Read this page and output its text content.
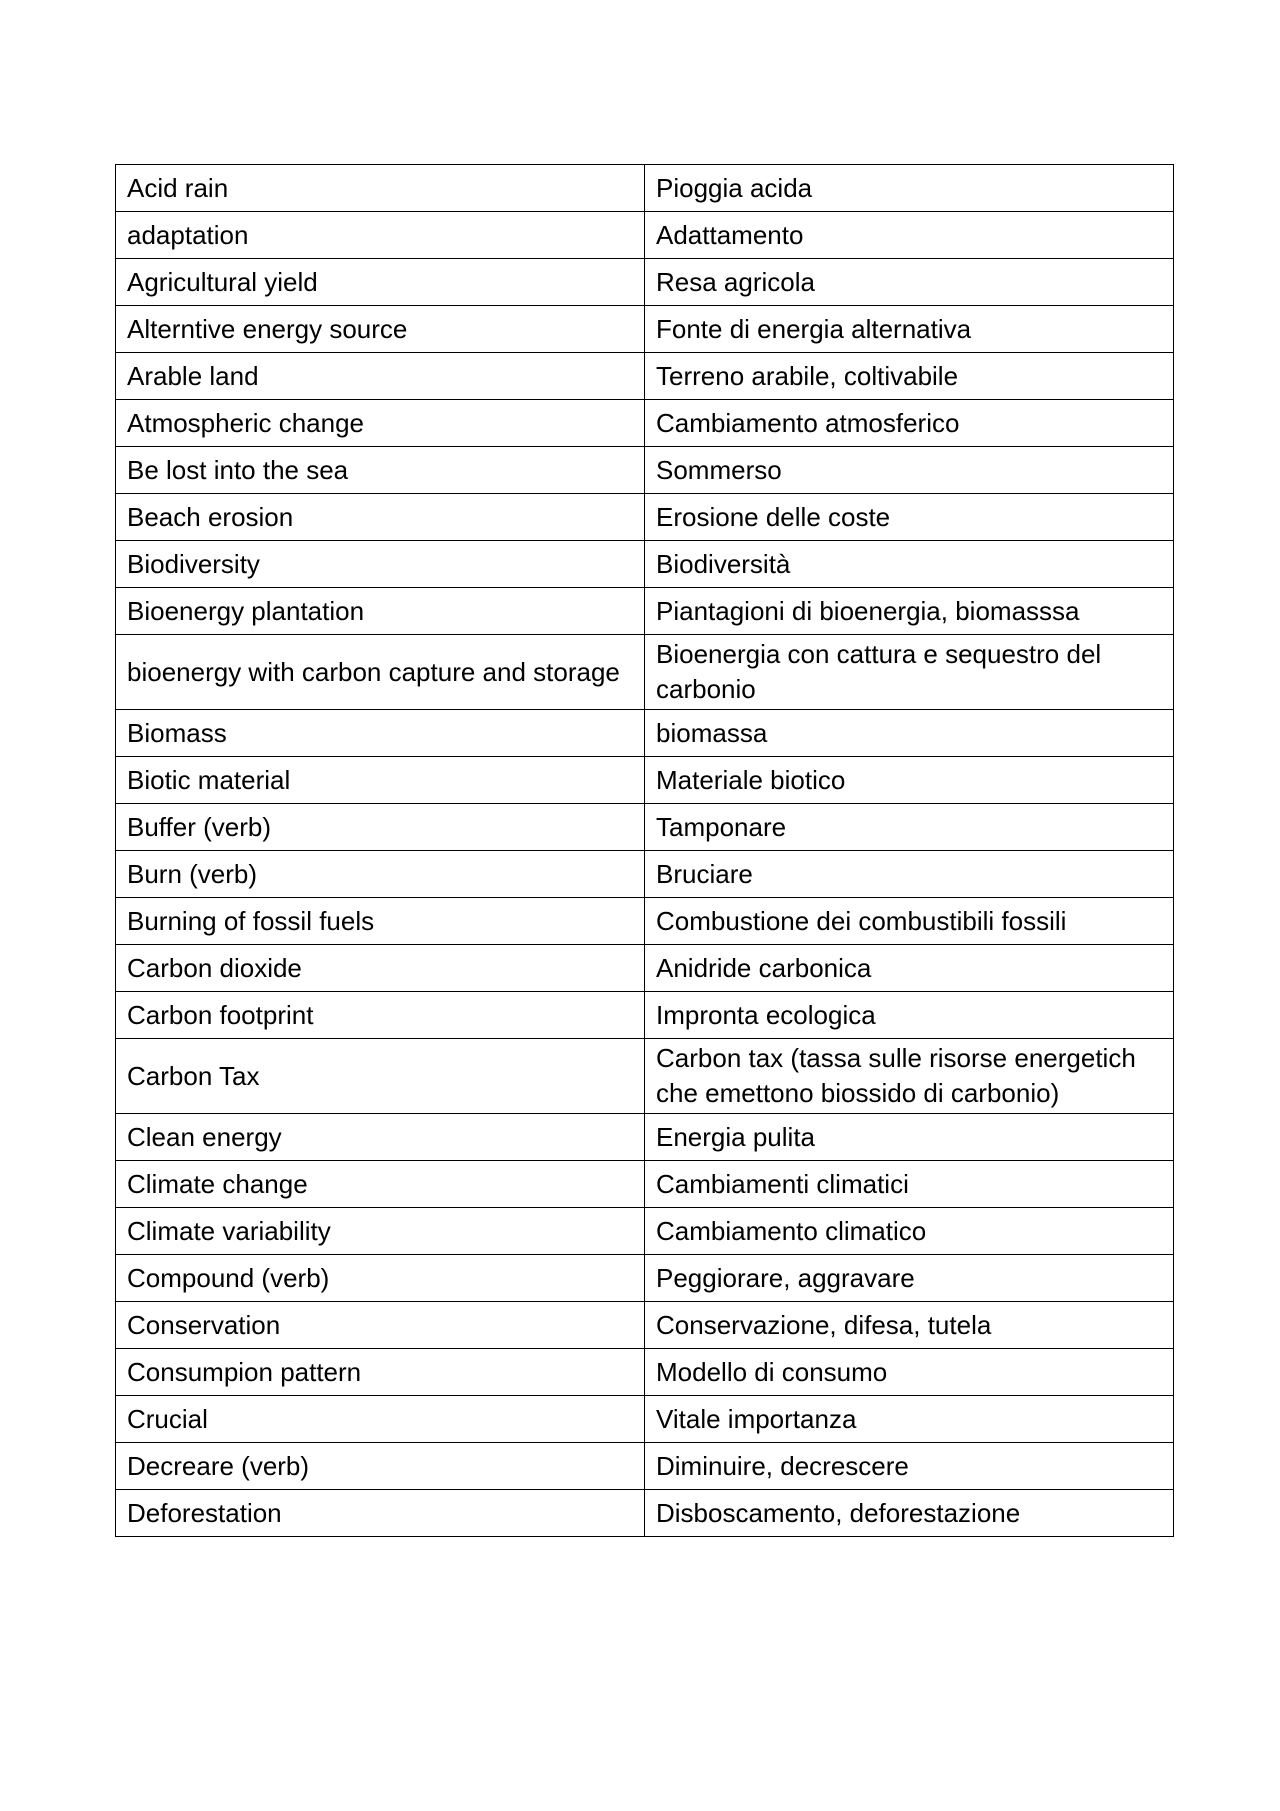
Acid rain	Pioggia acida
adaptation	Adattamento
Agricultural yield	Resa agricola
Alterntive energy source	Fonte di energia alternativa
Arable land	Terreno arabile, coltivabile
Atmospheric change	Cambiamento atmosferico
Be lost into the sea	Sommerso
Beach erosion	Erosione delle coste
Biodiversity	Biodiversità
Bioenergy plantation	Piantagioni di bioenergia, biomasssa
bioenergy with carbon capture and storage	Bioenergia con cattura e sequestro del carbonio
Biomass	biomassa
Biotic material	Materiale biotico
Buffer (verb)	Tamponare
Burn (verb)	Bruciare
Burning of fossil fuels	Combustione dei combustibili fossili
Carbon dioxide	Anidride carbonica
Carbon footprint	Impronta ecologica
Carbon Tax	Carbon tax (tassa sulle risorse energetich che emettono biossido di carbonio)
Clean energy	Energia pulita
Climate change	Cambiamenti climatici
Climate variability	Cambiamento climatico
Compound (verb)	Peggiorare, aggravare
Conservation	Conservazione, difesa, tutela
Consumpion pattern	Modello di consumo
Crucial	Vitale importanza
Decreare (verb)	Diminuire, decrescere
Deforestation	Disboscamento, deforestazione
